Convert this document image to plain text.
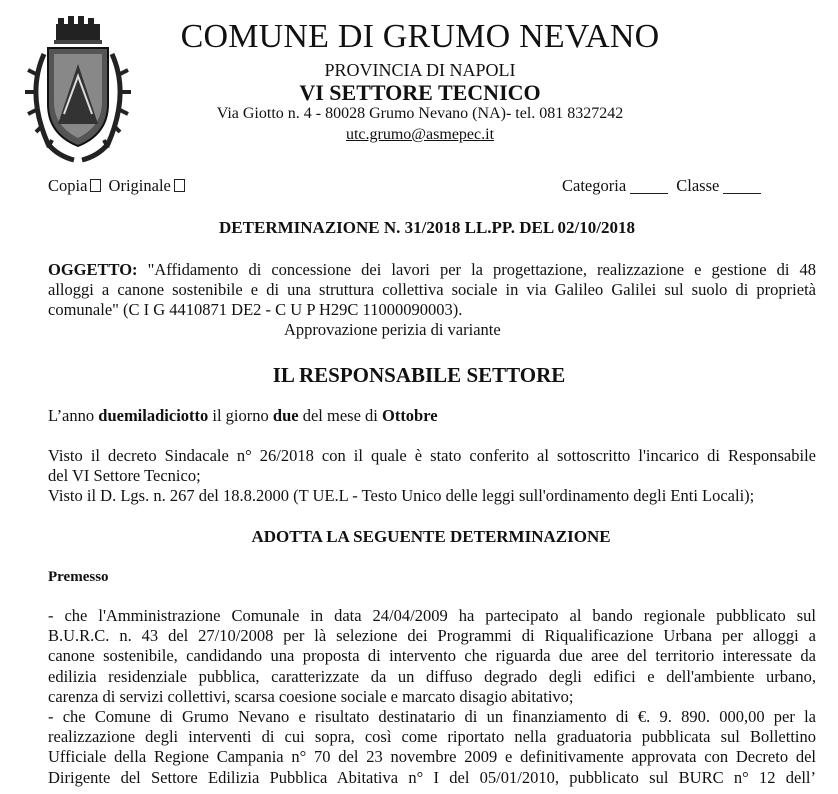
COMUNE DI GRUMO NEVANO
PROVINCIA DI NAPOLI
VI SETTORE TECNICO
Via Giotto n. 4 - 80028 Grumo Nevano (NA)- tel. 081 8327242
utc.grumo@asmepec.it
Copia Originale	Categoria	Classe
DETERMINAZIONE N. 31/2018 LL.PP. DEL 02/10/2018
OGGETTO: "Affidamento di concessione dei lavori per la progettazione, realizzazione e gestione di 48
alloggi a canone sostenibile e di una struttura collettiva sociale in via Galileo Galilei sul suolo di proprietà
comunale" (C I G 4410871 DE2 - C U P H29C 11000090003).
Approvazione perizia di variante
IL RESPONSABILE SETTORE
L’anno duemiladiciotto il giorno due del mese di Ottobre
Visto il decreto Sindacale n° 26/2018 con il quale è stato conferito al sottoscritto l'incarico di Responsabile
del VI Settore Tecnico;
Visto il D. Lgs. n. 267 del 18.8.2000 (T UE.L - Testo Unico delle leggi sull'ordinamento degli Enti Locali);
ADOTTA LA SEGUENTE DETERMINAZIONE
Premesso
- che l'Amministrazione Comunale in data 24/04/2009 ha partecipato al bando regionale pubblicato sul
B.U.R.C. n. 43 del 27/10/2008 per là selezione dei Programmi di Riqualificazione Urbana per alloggi a
canone sostenibile, candidando una proposta di intervento che riguarda due aree del territorio interessate da
edilizia residenziale pubblica, caratterizzate da un diffuso degrado degli edifici e dell'ambiente urbano,
carenza di servizi collettivi, scarsa coesione sociale e marcato disagio abitativo;
- che Comune di Grumo Nevano e risultato destinatario di un finanziamento di €. 9. 890. 000,00 per la
realizzazione degli interventi di cui sopra, così come riportato nella graduatoria pubblicata sul Bollettino
Ufficiale della Regione Campania n° 70 del 23 novembre 2009 e definitivamente approvata con Decreto del
Dirigente del Settore Edilizia Pubblica Abitativa n° I del 05/01/2010, pubblicato sul BURC n° 12 dell’
